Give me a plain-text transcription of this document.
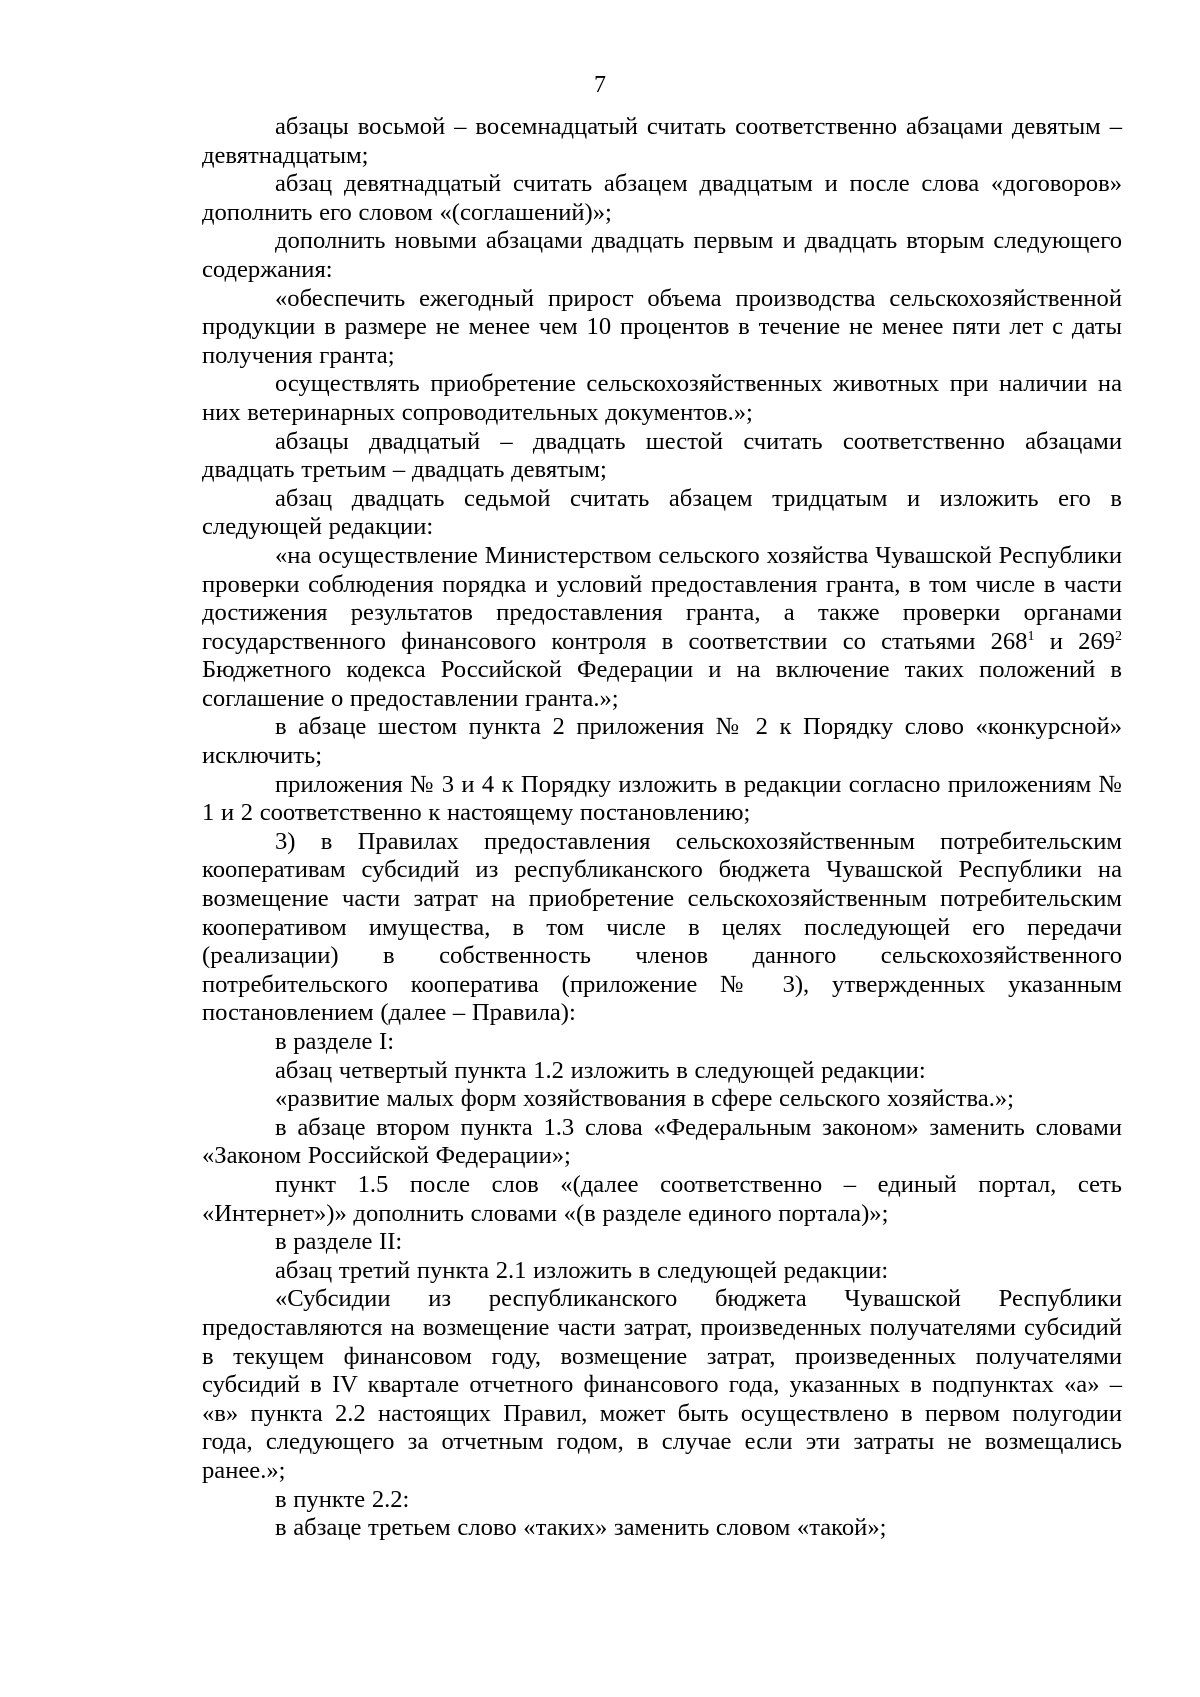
7

абзацы восьмой – восемнадцатый считать соответственно абзацами девятым – девятнадцатым;

абзац девятнадцатый считать абзацем двадцатым и после слова «договоров» дополнить его словом «(соглашений)»;

дополнить новыми абзацами двадцать первым и двадцать вторым следующего содержания:

«обеспечить ежегодный прирост объема производства сельскохозяйственной продукции в размере не менее чем 10 процентов в течение не менее пяти лет с даты получения гранта;

осуществлять приобретение сельскохозяйственных животных при наличии на них ветеринарных сопроводительных документов.»;

абзацы двадцатый – двадцать шестой считать соответственно абзацами двадцать третьим – двадцать девятым;

абзац двадцать седьмой считать абзацем тридцатым и изложить его в следующей редакции:

«на осуществление Министерством сельского хозяйства Чувашской Республики проверки соблюдения порядка и условий предоставления гранта, в том числе в части достижения результатов предоставления гранта, а также проверки органами государственного финансового контроля в соответствии со статьями $268^1$ и $269^2$ Бюджетного кодекса Российской Федерации и на включение таких положений в соглашение о предоставлении гранта.»;

в абзаце шестом пункта 2 приложения № 2 к Порядку слово «конкурсной» исключить;

приложения № 3 и 4 к Порядку изложить в редакции согласно приложениям № 1 и 2 соответственно к настоящему постановлению;

3) в Правилах предоставления сельскохозяйственным потребительским кооперативам субсидий из республиканского бюджета Чувашской Республики на возмещение части затрат на приобретение сельскохозяйственным потребительским кооперативом имущества, в том числе в целях последующей его передачи (реализации) в собственность членов данного сельскохозяйственного потребительского кооператива (приложение № 3), утвержденных указанным постановлением (далее – Правила):

в разделе I:

абзац четвертый пункта 1.2 изложить в следующей редакции:

«развитие малых форм хозяйствования в сфере сельского хозяйства.»;

в абзаце втором пункта 1.3 слова «Федеральным законом» заменить словами «Законом Российской Федерации»;

пункт 1.5 после слов «(далее соответственно – единый портал, сеть «Интернет»)» дополнить словами «(в разделе единого портала)»;

в разделе II:

абзац третий пункта 2.1 изложить в следующей редакции:

«Субсидии из республиканского бюджета Чувашской Республики предоставляются на возмещение части затрат, произведенных получателями субсидий в текущем финансовом году, возмещение затрат, произведенных получателями субсидий в IV квартале отчетного финансового года, указанных в подпунктах «а» – «в» пункта 2.2 настоящих Правил, может быть осуществлено в первом полугодии года, следующего за отчетным годом, в случае если эти затраты не возмещались ранее.»;

в пункте 2.2:

в абзаце третьем слово «таких» заменить словом «такой»;
